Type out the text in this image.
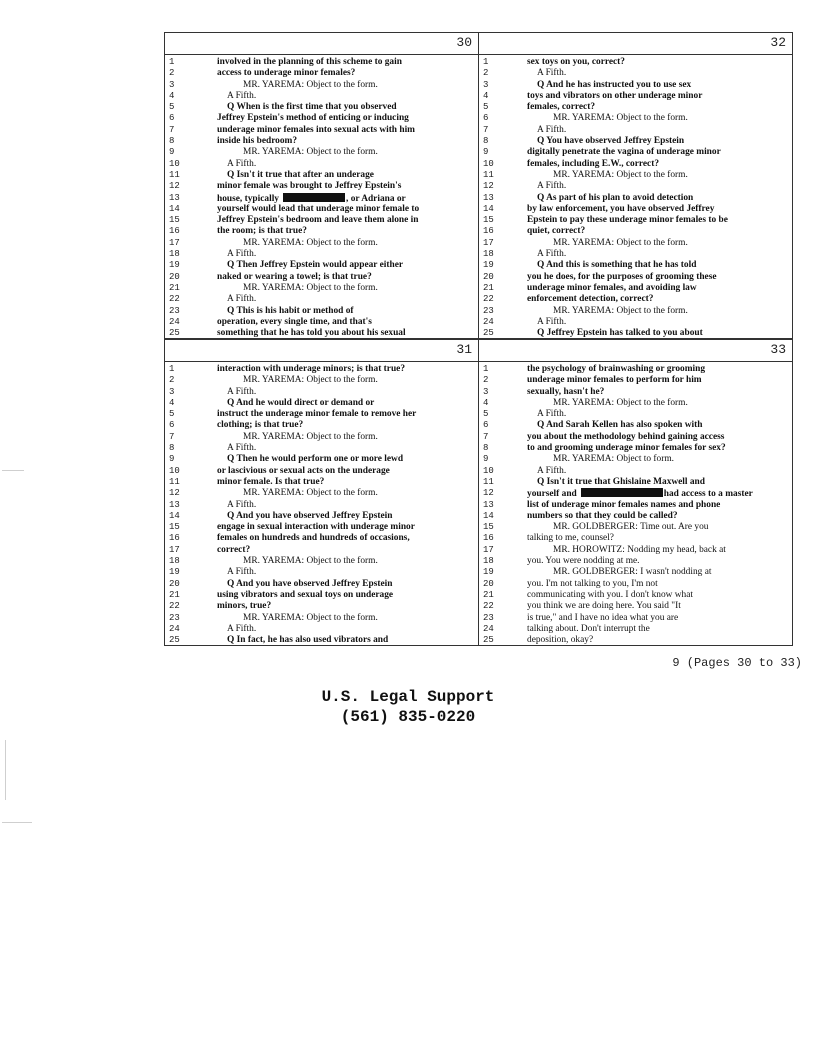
30
1	involved in the planning of this scheme to gain
2	access to underage minor females?
3	MR. YAREMA: Object to the form.
4	A Fifth.
5	Q When is the first time that you observed
6	Jeffrey Epstein's method of enticing or inducing
7	underage minor females into sexual acts with him
8	inside his bedroom?
9	MR. YAREMA: Object to the form.
10	A Fifth.
11	Q Isn't it true that after an underage
12	minor female was brought to Jeffrey Epstein's
13	house, typically	, or Adriana or
14	yourself would lead that underage minor female to
15	Jeffrey Epstein's bedroom and leave them alone in
16	the room; is that true?
17	MR. YAREMA: Object to the form.
18	A Fifth.
19	Q Then Jeffrey Epstein would appear either
20	naked or wearing a towel; is that true?
21	MR. YAREMA: Object to the form.
22	A Fifth.
23	Q This is his habit or method of
24	operation, every single time, and that's
25	something that he has told you about his sexual
32
1	sex toys on you, correct?
2	A Fifth.
3	Q And he has instructed you to use sex
4	toys and vibrators on other underage minor
5	females, correct?
6	MR. YAREMA: Object to the form.
7	A Fifth.
8	Q You have observed Jeffrey Epstein
9	digitally penetrate the vagina of underage minor
10	females, including E.W., correct?
11	MR. YAREMA: Object to the form.
12	A Fifth.
13	Q As part of his plan to avoid detection
14	by law enforcement, you have observed Jeffrey
15	Epstein to pay these underage minor females to be
16	quiet, correct?
17	MR. YAREMA: Object to the form.
18	A Fifth.
19	Q And this is something that he has told
20	you he does, for the purposes of grooming these
21	underage minor females, and avoiding law
22	enforcement detection, correct?
23	MR. YAREMA: Object to the form.
24	A Fifth.
25	Q Jeffrey Epstein has talked to you about
31
1	interaction with underage minors; is that true?
2	MR. YAREMA: Object to the form.
3	A Fifth.
4	Q And he would direct or demand or
5	instruct the underage minor female to remove her
6	clothing; is that true?
7	MR. YAREMA: Object to the form.
8	A Fifth.
9	Q Then he would perform one or more lewd
10	or lascivious or sexual acts on the underage
11	minor female. Is that true?
12	MR. YAREMA: Object to the form.
13	A Fifth.
14	Q And you have observed Jeffrey Epstein
15	engage in sexual interaction with underage minor
16	females on hundreds and hundreds of occasions,
17	correct?
18	MR. YAREMA: Object to the form.
19	A Fifth.
20	Q And you have observed Jeffrey Epstein
21	using vibrators and sexual toys on underage
22	minors, true?
23	MR. YAREMA: Object to the form.
24	A Fifth.
25	Q In fact, he has also used vibrators and
33
1	the psychology of brainwashing or grooming
2	underage minor females to perform for him
3	sexually, hasn't he?
4	MR. YAREMA: Object to the form.
5	A Fifth.
6	Q And Sarah Kellen has also spoken with
7	you about the methodology behind gaining access
8	to and grooming underage minor females for sex?
9	MR. YAREMA: Object to form.
10	A Fifth.
11	Q Isn't it true that Ghislaine Maxwell and
12	yourself and	had access to a master
13	list of underage minor females names and phone
14	numbers so that they could be called?
15	MR. GOLDBERGER: Time out. Are you
16	talking to me, counsel?
17	MR. HOROWITZ: Nodding my head, back at
18	you. You were nodding at me.
19	MR. GOLDBERGER: I wasn't nodding at
20	you. I'm not talking to you, I'm not
21	communicating with you. I don't know what
22	you think we are doing here. You said "It
23	is true," and I have no idea what you are
24	talking about. Don't interrupt the
25	deposition, okay?
9 (Pages 30 to 33)
U.S. Legal Support
(561) 835-0220
